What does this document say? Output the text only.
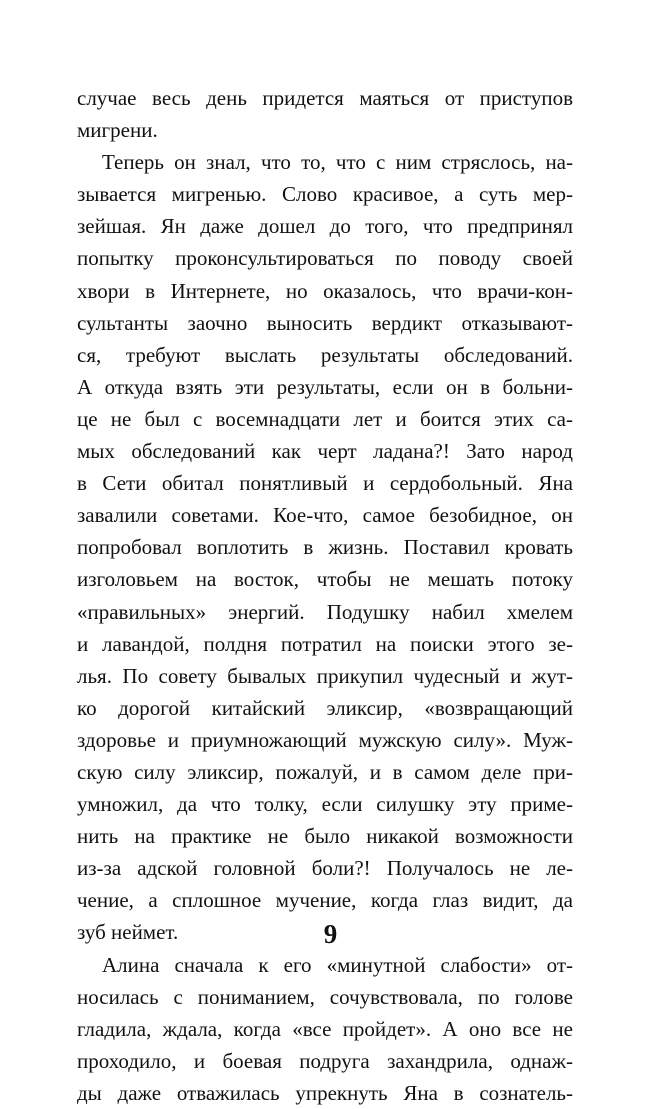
случае весь день придется маяться от приступов
мигрени.
Теперь он знал, что то, что с ним стряслось, на-
зывается мигренью. Слово красивое, а суть мер-
зейшая. Ян даже дошел до того, что предпринял
попытку проконсультироваться по поводу своей
хвори в Интернете, но оказалось, что врачи-кон-
сультанты заочно выносить вердикт отказывают-
ся, требуют выслать результаты обследований.
А откуда взять эти результаты, если он в больни-
це не был с восемнадцати лет и боится этих са-
мых обследований как черт ладана?! Зато народ
в Сети обитал понятливый и сердобольный. Яна
завалили советами. Кое-что, самое безобидное, он
попробовал воплотить в жизнь. Поставил кровать
изголовьем на восток, чтобы не мешать потоку
«правильных» энергий. Подушку набил хмелем
и лавандой, полдня потратил на поиски этого зе-
лья. По совету бывалых прикупил чудесный и жут-
ко дорогой китайский эликсир, «возвращающий
здоровье и приумножающий мужскую силу». Муж-
скую силу эликсир, пожалуй, и в самом деле при-
умножил, да что толку, если силушку эту приме-
нить на практике не было никакой возможности
из-за адской головной боли?! Получалось не ле-
чение, а сплошное мучение, когда глаз видит, да
зуб неймет.
Алина сначала к его «минутной слабости» от-
носилась с пониманием, сочувствовала, по голове
гладила, ждала, когда «все пройдет». А оно все не
проходило, и боевая подруга захандрила, однаж-
ды даже отважилась упрекнуть Яна в сознатель-
9
